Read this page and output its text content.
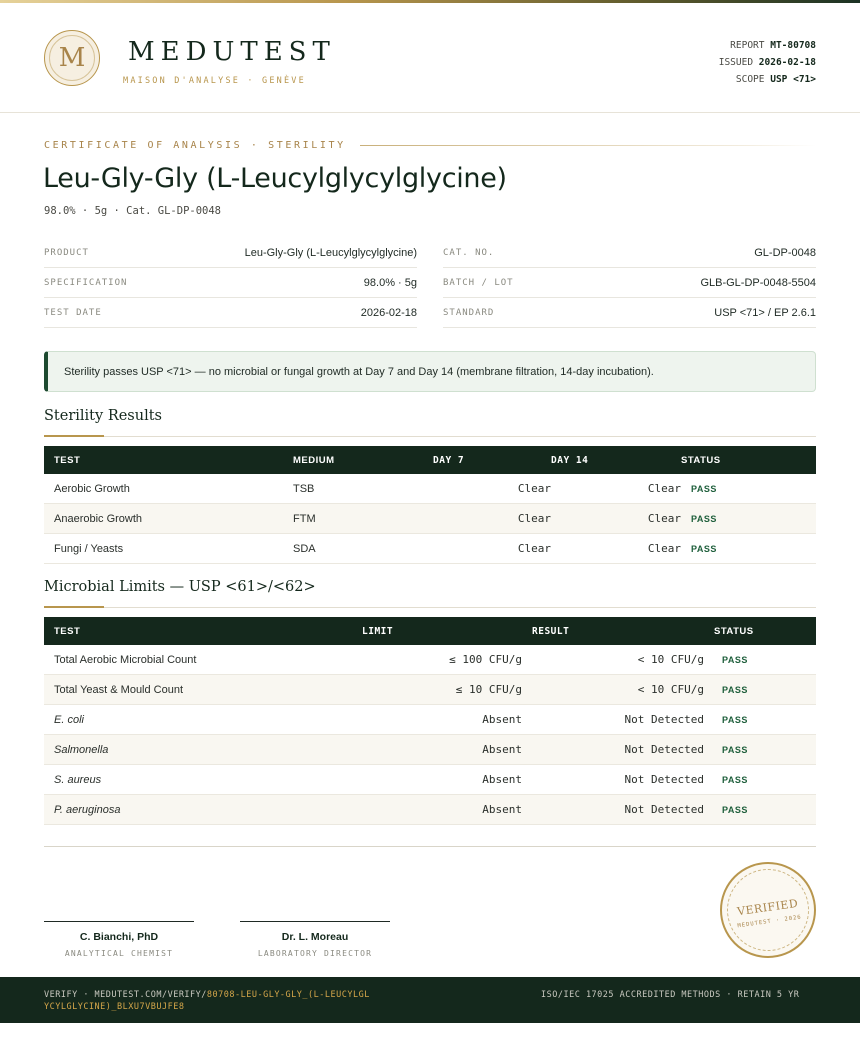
M MEDUTEST
MAISON D'ANALYSE · GENÈVE
REPORT MT-80708
ISSUED 2026-02-18
SCOPE USP <71>
CERTIFICATE OF ANALYSIS · STERILITY
Leu-Gly-Gly (L-Leucylglycylglycine)
98.0% · 5g · Cat. GL-DP-0048
PRODUCT	Leu-Gly-Gly (L-Leucylglycylglycine)
SPECIFICATION	98.0% · 5g
TEST DATE	2026-02-18
CAT. NO.	GL-DP-0048
BATCH / LOT	GLB-GL-DP-0048-5504
STANDARD	USP <71> / EP 2.6.1
Sterility passes USP <71> — no microbial or fungal growth at Day 7 and Day 14 (membrane filtration, 14-day incubation).
Sterility Results
TEST	MEDIUM	DAY 7	DAY 14	STATUS
Aerobic Growth	TSB	Clear	Clear	PASS
Anaerobic Growth	FTM	Clear	Clear	PASS
Fungi / Yeasts	SDA	Clear	Clear	PASS
Microbial Limits — USP <61>/<62>
TEST	LIMIT	RESULT	STATUS
Total Aerobic Microbial Count	≤ 100 CFU/g	< 10 CFU/g	PASS
Total Yeast & Mould Count	≤ 10 CFU/g	< 10 CFU/g	PASS
E. coli	Absent	Not Detected	PASS
Salmonella	Absent	Not Detected	PASS
S. aureus	Absent	Not Detected	PASS
P. aeruginosa	Absent	Not Detected	PASS
C. Bianchi, PhD
ANALYTICAL CHEMIST
Dr. L. Moreau
LABORATORY DIRECTOR
VERIFIED
MEDUTEST · 2026
VERIFY · MEDUTEST.COM/VERIFY/80708-LEU-GLY-GLY_(L-LEUCYLGLYCYLGLYCINE)_BLXU7VBUJFE8
ISO/IEC 17025 ACCREDITED METHODS · RETAIN 5 YR
